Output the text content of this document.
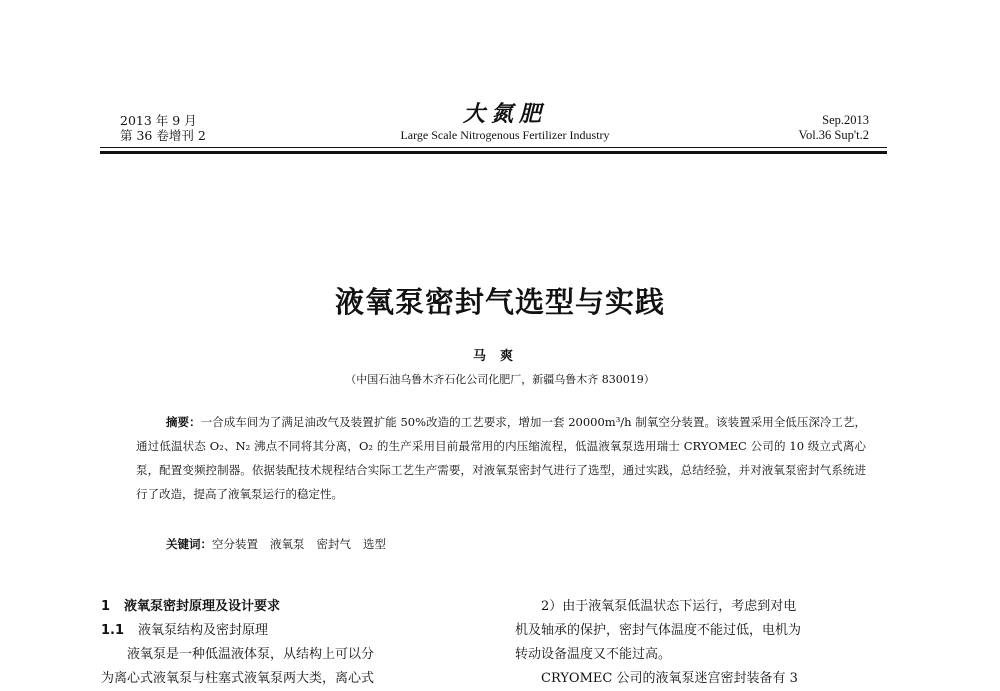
2013 年 9 月
第 36 卷增刊 2
大氮肥
Large Scale Nitrogenous Fertilizer Industry
Sep.2013
Vol.36 Sup't.2
液氧泵密封气选型与实践
马爽
（中国石油乌鲁木齐石化公司化肥厂，新疆乌鲁木齐 830019）
摘要：一合成车间为了满足油改气及装置扩能 50%改造的工艺要求，增加一套 20000m³/h 制氧空分装置。该装置采用全低压深冷工艺，通过低温状态 O₂、N₂ 沸点不同将其分离，O₂ 的生产采用目前最常用的内压缩流程，低温液氧泵选用瑞士 CRYOMEC 公司的 10 级立式离心泵，配置变频控制器。依据装配技术规程结合实际工艺生产需要，对液氧泵密封气进行了选型，通过实践，总结经验，并对液氧泵密封气系统进行了改造，提高了液氧泵运行的稳定性。
关键词：空分装置 液氧泵 密封气 选型
1 液氧泵密封原理及设计要求
1.1 液氧泵结构及密封原理
液氧泵是一种低温液体泵，从结构上可以分
为离心式液氧泵与柱塞式液氧泵两大类，离心式
2）由于液氧泵低温状态下运行，考虑到对电
机及轴承的保护，密封气体温度不能过低，电机为
转动设备温度又不能过高。
CRYOMEC 公司的液氧泵迷宫密封装备有 3
